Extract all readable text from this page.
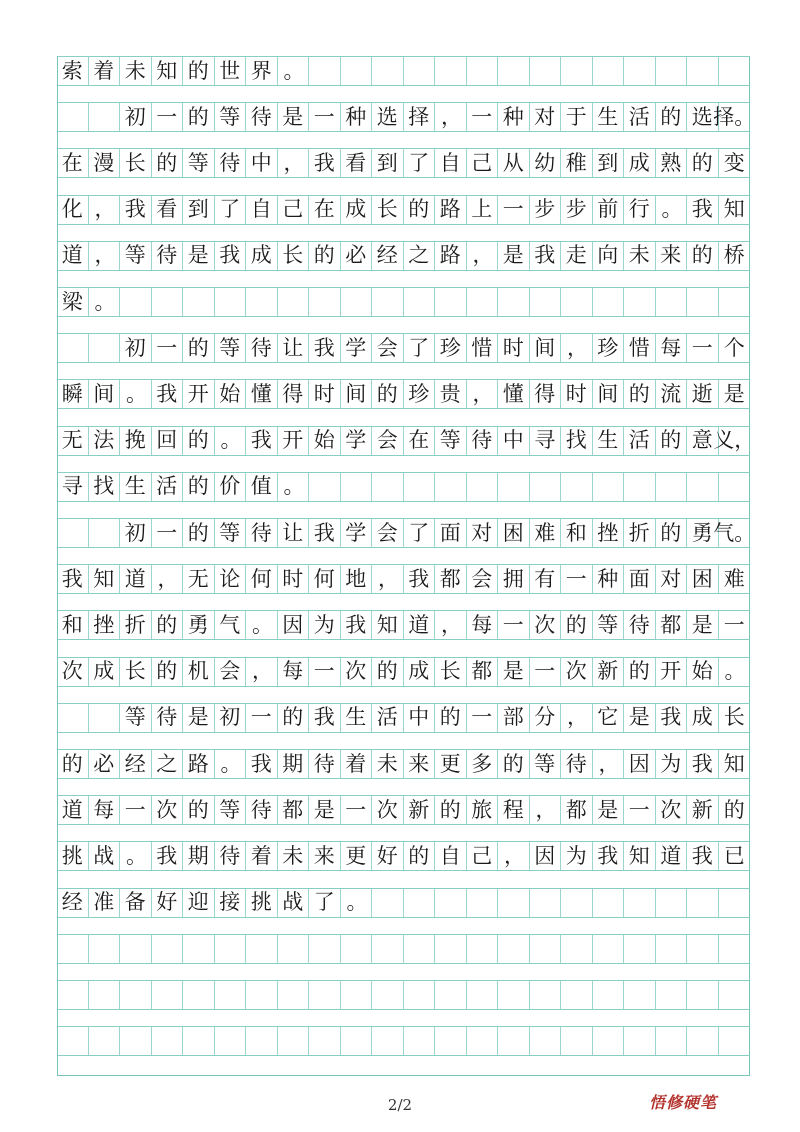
索 着 未 知 的 世 界 。
初 一 的 等 待 是 一 种 选 择 ， 一 种 对 于 生 活 的 选 择。
在 漫 长 的 等 待 中 ， 我 看 到 了 自 己 从 幼 稚 到 成 熟 的 变
化 ， 我 看 到 了 自 己 在 成 长 的 路 上 一 步 步 前 行 。 我 知
道 ， 等 待 是 我 成 长 的 必 经 之 路 ， 是 我 走 向 未 来 的 桥
梁 。
初 一 的 等 待 让 我 学 会 了 珍 惜 时 间 ， 珍 惜 每 一 个
瞬 间 。 我 开 始 懂 得 时 间 的 珍 贵 ， 懂 得 时 间 的 流 逝 是
无 法 挽 回 的 。 我 开 始 学 会 在 等 待 中 寻 找 生 活 的 意 义，
寻 找 生 活 的 价 值 。
初 一 的 等 待 让 我 学 会 了 面 对 困 难 和 挫 折 的 勇 气。
我 知 道 ， 无 论 何 时 何 地 ， 我 都 会 拥 有 一 种 面 对 困 难
和 挫 折 的 勇 气 。 因 为 我 知 道 ， 每 一 次 的 等 待 都 是 一
次 成 长 的 机 会 ， 每 一 次 的 成 长 都 是 一 次 新 的 开 始 。
等 待 是 初 一 的 我 生 活 中 的 一 部 分 ， 它 是 我 成 长
的 必 经 之 路 。 我 期 待 着 未 来 更 多 的 等 待 ， 因 为 我 知
道 每 一 次 的 等 待 都 是 一 次 新 的 旅 程 ， 都 是 一 次 新 的
挑 战 。 我 期 待 着 未 来 更 好 的 自 己 ， 因 为 我 知 道 我 已
经 准 备 好 迎 接 挑 战 了 。
2/2	悟修硬笔
